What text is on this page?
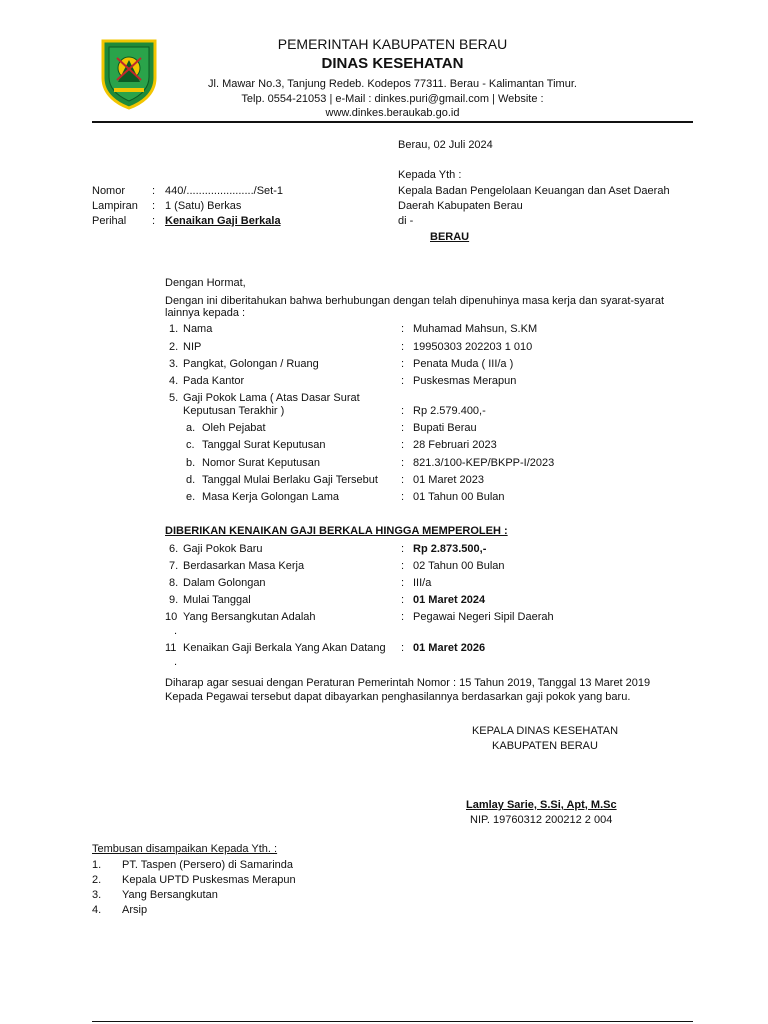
PEMERINTAH KABUPATEN BERAU
DINAS KESEHATAN
Jl. Mawar No.3, Tanjung Redeb. Kodepos 77311. Berau - Kalimantan Timur.
Telp. 0554-21053 | e-Mail : dinkes.puri@gmail.com | Website :
www.dinkes.beraukab.go.id
Berau, 02 Juli 2024
Kepada Yth :
Kepala Badan Pengelolaan Keuangan dan Aset Daerah
Daerah Kabupaten Berau
di -
BERAU
Nomor : 440/....................../Set-1
Lampiran : 1 (Satu) Berkas
Perihal : Kenaikan Gaji Berkala
Dengan Hormat,
Dengan ini diberitahukan bahwa berhubungan dengan telah dipenuhinya masa kerja dan syarat-syarat
lainnya kepada :
1. Nama	: Muhamad Mahsun, S.KM
2. NIP	: 19950303 202203 1 010
3. Pangkat, Golongan / Ruang	: Penata Muda ( III/a )
4. Pada Kantor	: Puskesmas Merapun
5. Gaji Pokok Lama ( Atas Dasar Surat
Keputusan Terakhir )	: Rp 2.579.400,-
a. Oleh Pejabat	: Bupati Berau
c. Tanggal Surat Keputusan	: 28 Februari 2023
b. Nomor Surat Keputusan	: 821.3/100-KEP/BKPP-I/2023
d. Tanggal Mulai Berlaku Gaji Tersebut : 01 Maret 2023
e. Masa Kerja Golongan Lama	: 01 Tahun 00 Bulan
DIBERIKAN KENAIKAN GAJI BERKALA HINGGA MEMPEROLEH :
6. Gaji Pokok Baru	: Rp 2.873.500,-
7. Berdasarkan Masa Kerja	: 02 Tahun 00 Bulan
8. Dalam Golongan	: III/a
9. Mulai Tanggal	: 01 Maret 2024
10
.
Yang Bersangkutan Adalah	: Pegawai Negeri Sipil Daerah
11
.
Kenaikan Gaji Berkala Yang Akan Datang : 01 Maret 2026
Diharap agar sesuai dengan Peraturan Pemerintah Nomor : 15 Tahun 2019, Tanggal 13 Maret 2019
Kepada Pegawai tersebut dapat dibayarkan penghasilannya berdasarkan gaji pokok yang baru.
KEPALA DINAS KESEHATAN
KABUPATEN BERAU
Lamlay Sarie, S.Si, Apt, M.Sc
NIP. 19760312 200212 2 004
Tembusan disampaikan Kepada Yth. :
1. PT. Taspen (Persero) di Samarinda
2. Kepala UPTD Puskesmas Merapun
3. Yang Bersangkutan
4. Arsip
